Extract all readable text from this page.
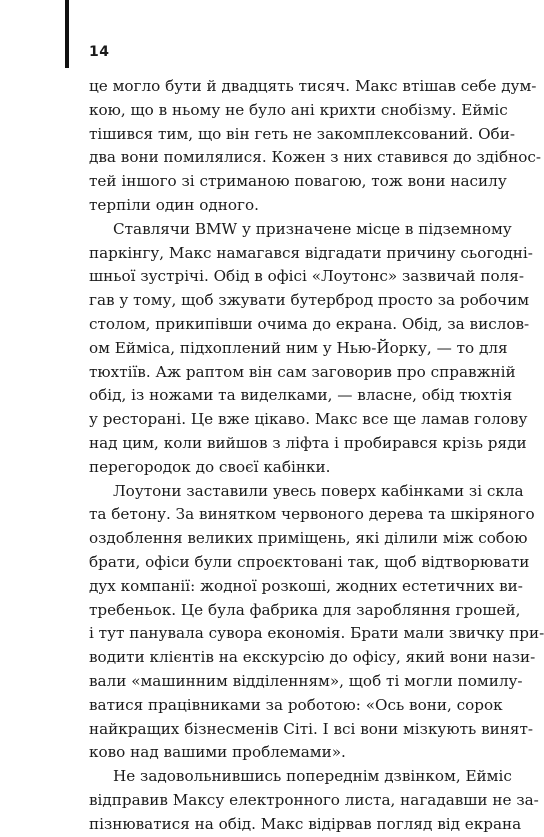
14
це могло бути й двадцять тисяч. Макс втішав себе дум-
кою, що в ньому не було ані крихти снобізму. Ейміс
тішився тим, що він геть не закомплексований. Оби-
два вони помилялися. Кожен з них ставився до здібнос-
тей іншого зі стриманою повагою, тож вони насилу
терпіли один одного.
Ставлячи BMW у призначене місце в підземному
паркінгу, Макс намагався відгадати причину сьогодні-
шньої зустрічі. Обід в офісі «Лоутонс» зазвичай поля-
гав у тому, щоб зжувати бутерброд просто за робочим
столом, прикипівши очима до екрана. Обід, за вислов-
ом Еймiса, підхоплений ним у Нью-Йорку, — то для
тюхтіїв. Аж раптом він сам заговорив про справжній
обід, із ножами та виделками, — власне, обід тюхтія
у ресторані. Це вже цікаво. Макс все ще ламав голову
над цим, коли вийшов з ліфта і пробирався крізь ряди
перегородок до своєї кабінки.
Лоутони заставили увесь поверх кабінками зі скла
та бетону. За винятком червоного дерева та шкіряного
оздоблення великих приміщень, які ділили між собою
брати, офіси були спроєктовані так, щоб відтворювати
дух компанії: жодної розкоші, жодних естетичних ви-
требеньок. Це була фабрика для заробляння грошей,
і тут панувала сувора економія. Брати мали звичку при-
водити клієнтів на екскурсію до офісу, який вони нази-
вали «машинним відділенням», щоб ті могли помилу-
ватися працівниками за роботою: «Ось вони, сорок
найкращих бізнесменів Сіті. І всі вони мізкують винят-
ково над вашими проблемами».
Не задовольнившись попереднім дзвінком, Еймiс
відправив Максу електронного листа, нагадавши не за-
пізнюватися на обід. Макс відірвав погляд від екрана
